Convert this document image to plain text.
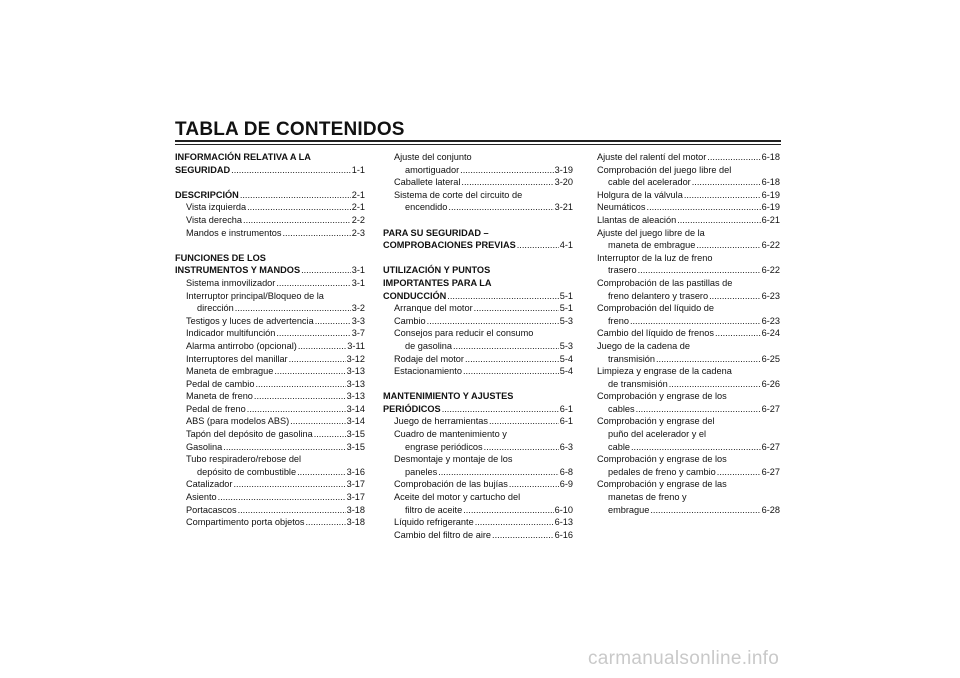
TABLA DE CONTENIDOS
INFORMACIÓN RELATIVA A LA
SEGURIDAD .....	1-1
DESCRIPCIÓN .....	2-1
Vista izquierda .....	2-1
Vista derecha .....	2-2
Mandos e instrumentos .....	2-3
FUNCIONES DE LOS
INSTRUMENTOS Y MANDOS .....	3-1
Sistema inmovilizador .....	3-1
Interruptor principal/Bloqueo de la
dirección .....	3-2
Testigos y luces de advertencia .....	3-3
Indicador multifunción .....	3-7
Alarma antirrobo (opcional) .....	3-11
Interruptores del manillar .....	3-12
Maneta de embrague .....	3-13
Pedal de cambio .....	3-13
Maneta de freno .....	3-13
Pedal de freno .....	3-14
ABS (para modelos ABS) .....	3-14
Tapón del depósito de gasolina .....	3-15
Gasolina .....	3-15
Tubo respiradero/rebose del
depósito de combustible .....	3-16
Catalizador .....	3-17
Asiento .....	3-17
Portacascos .....	3-18
Compartimento porta objetos .....	3-18
Ajuste del conjunto
amortiguador .....	3-19
Caballete lateral .....	3-20
Sistema de corte del circuito de
encendido .....	3-21
PARA SU SEGURIDAD –
COMPROBACIONES PREVIAS .....	4-1
UTILIZACIÓN Y PUNTOS
IMPORTANTES PARA LA
CONDUCCIÓN .....	5-1
Arranque del motor .....	5-1
Cambio .....	5-3
Consejos para reducir el consumo
de gasolina .....	5-3
Rodaje del motor .....	5-4
Estacionamiento .....	5-4
MANTENIMIENTO Y AJUSTES
PERIÓDICOS .....	6-1
Juego de herramientas .....	6-1
Cuadro de mantenimiento y
engrase periódicos .....	6-3
Desmontaje y montaje de los
paneles .....	6-8
Comprobación de las bujías .....	6-9
Aceite del motor y cartucho del
filtro de aceite .....	6-10
Líquido refrigerante .....	6-13
Cambio del filtro de aire .....	6-16
Ajuste del ralentí del motor .....	6-18
Comprobación del juego libre del
cable del acelerador .....	6-18
Holgura de la válvula .....	6-19
Neumáticos .....	6-19
Llantas de aleación .....	6-21
Ajuste del juego libre de la
maneta de embrague .....	6-22
Interruptor de la luz de freno
trasero .....	6-22
Comprobación de las pastillas de
freno delantero y trasero .....	6-23
Comprobación del líquido de
freno .....	6-23
Cambio del líquido de frenos .....	6-24
Juego de la cadena de
transmisión .....	6-25
Limpieza y engrase de la cadena
de transmisión .....	6-26
Comprobación y engrase de los
cables .....	6-27
Comprobación y engrase del
puño del acelerador y el
cable .....	6-27
Comprobación y engrase de los
pedales de freno y cambio .....	6-27
Comprobación y engrase de las
manetas de freno y
embrague .....	6-28
carmanualsonline.info
